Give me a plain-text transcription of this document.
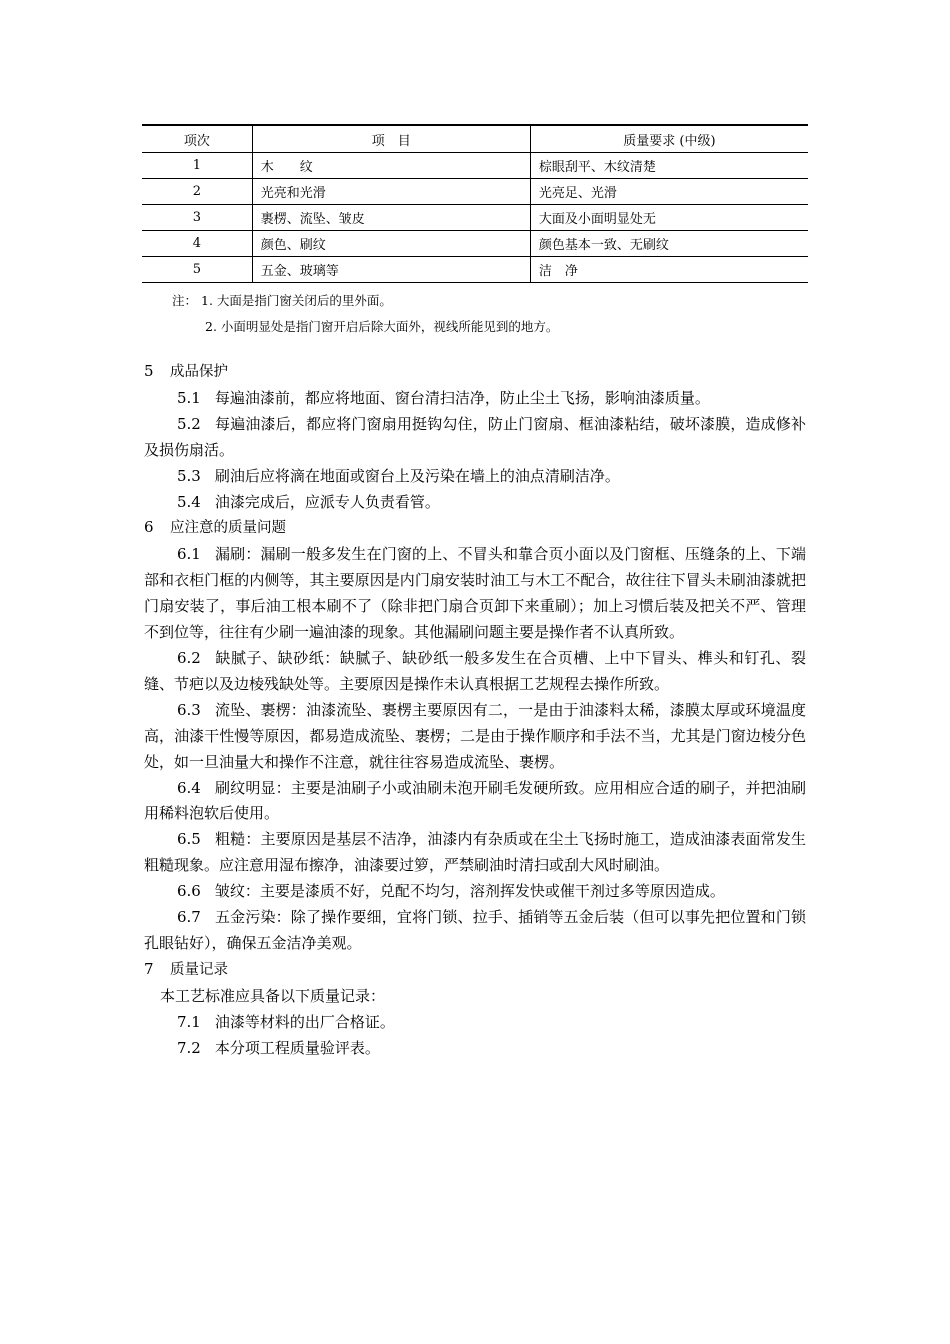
项次	项　目	质量要求 (中级)
1	木　　纹	棕眼刮平、木纹清楚
2	光亮和光滑	光亮足、光滑
3	裹楞、流坠、皱皮	大面及小面明显处无
4	颜色、刷纹	颜色基本一致、无刷纹
5	五金、玻璃等	洁　净
注： 1. 大面是指门窗关闭后的里外面。
2. 小面明显处是指门窗开启后除大面外，视线所能见到的地方。

5 成品保护

5.1 每遍油漆前，都应将地面、窗台清扫洁净，防止尘土飞扬，影响油漆质量。

5.2 每遍油漆后，都应将门窗扇用挺钩勾住，防止门窗扇、框油漆粘结，破坏漆膜，造成修补及损伤扇活。

5.3 刷油后应将滴在地面或窗台上及污染在墙上的油点清刷洁净。

5.4 油漆完成后，应派专人负责看管。

6 应注意的质量问题

6.1 漏刷：漏刷一般多发生在门窗的上、不冒头和靠合页小面以及门窗框、压缝条的上、下端部和衣柜门框的内侧等，其主要原因是内门扇安装时油工与木工不配合，故往往下冒头未刷油漆就把门扇安装了，事后油工根本刷不了（除非把门扇合页卸下来重刷）；加上习惯后装及把关不严、管理不到位等，往往有少刷一遍油漆的现象。其他漏刷问题主要是操作者不认真所致。

6.2 缺腻子、缺砂纸：缺腻子、缺砂纸一般多发生在合页槽、上中下冒头、榫头和钉孔、裂缝、节疤以及边棱残缺处等。主要原因是操作未认真根据工艺规程去操作所致。

6.3 流坠、裹楞：油漆流坠、裹楞主要原因有二，一是由于油漆料太稀，漆膜太厚或环境温度高，油漆干性慢等原因，都易造成流坠、裹楞；二是由于操作顺序和手法不当，尤其是门窗边棱分色处，如一旦油量大和操作不注意，就往往容易造成流坠、裹楞。

6.4 刷纹明显：主要是油刷子小或油刷未泡开刷毛发硬所致。应用相应合适的刷子，并把油刷用稀料泡软后使用。

6.5 粗糙：主要原因是基层不洁净，油漆内有杂质或在尘土飞扬时施工，造成油漆表面常发生粗糙现象。应注意用湿布擦净，油漆要过箩，严禁刷油时清扫或刮大风时刷油。

6.6 皱纹：主要是漆质不好，兑配不均匀，溶剂挥发快或催干剂过多等原因造成。

6.7 五金污染：除了操作要细，宜将门锁、拉手、插销等五金后装（但可以事先把位置和门锁孔眼钻好），确保五金洁净美观。

7 质量记录

本工艺标准应具备以下质量记录：

7.1 油漆等材料的出厂合格证。

7.2 本分项工程质量验评表。
